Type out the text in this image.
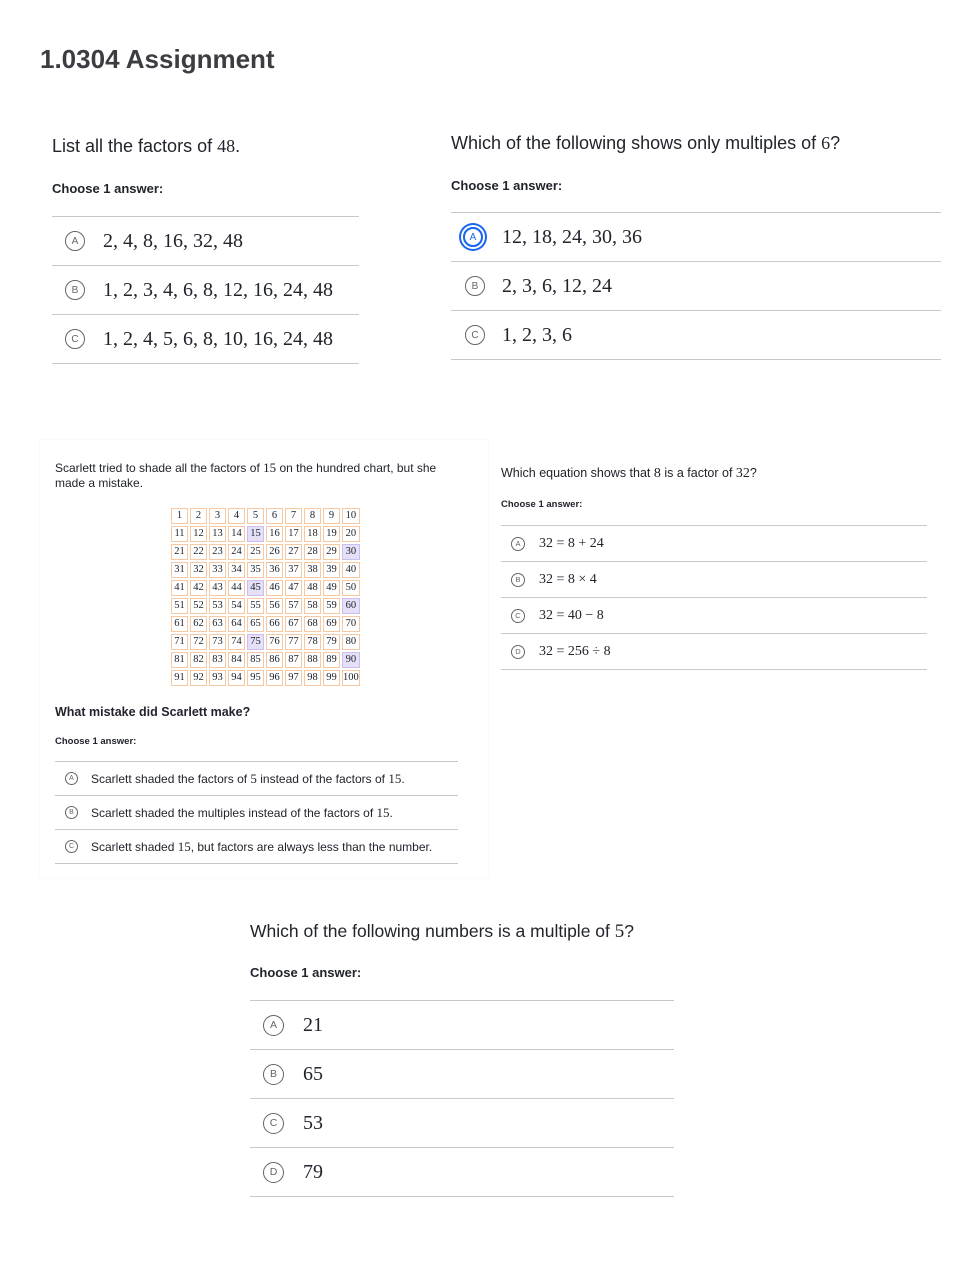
1.0304 Assignment
List all the factors of 48.
Choose 1 answer:
A	2, 4, 8, 16, 32, 48
B	1, 2, 3, 4, 6, 8, 12, 16, 24, 48
C	1, 2, 4, 5, 6, 8, 10, 16, 24, 48
Which of the following shows only multiples of 6?
Choose 1 answer:
A	12, 18, 24, 30, 36
B	2, 3, 6, 12, 24
C	1, 2, 3, 6
Scarlett tried to shade all the factors of 15 on the hundred chart, but she made a mistake.
1	2	3	4	5	6	7	8	9	10
11	12	13	14	15	16	17	18	19	20
21	22	23	24	25	26	27	28	29	30
31	32	33	34	35	36	37	38	39	40
41	42	43	44	45	46	47	48	49	50
51	52	53	54	55	56	57	58	59	60
61	62	63	64	65	66	67	68	69	70
71	72	73	74	75	76	77	78	79	80
81	82	83	84	85	86	87	88	89	90
91	92	93	94	95	96	97	98	99	100
What mistake did Scarlett make?
Choose 1 answer:
A	Scarlett shaded the factors of 5 instead of the factors of 15.
B	Scarlett shaded the multiples instead of the factors of 15.
C	Scarlett shaded 15, but factors are always less than the number.
Which equation shows that 8 is a factor of 32?
Choose 1 answer:
A	32 = 8 + 24
B	32 = 8 × 4
C	32 = 40 − 8
D	32 = 256 ÷ 8
Which of the following numbers is a multiple of 5?
Choose 1 answer:
A	21
B	65
C	53
D	79
